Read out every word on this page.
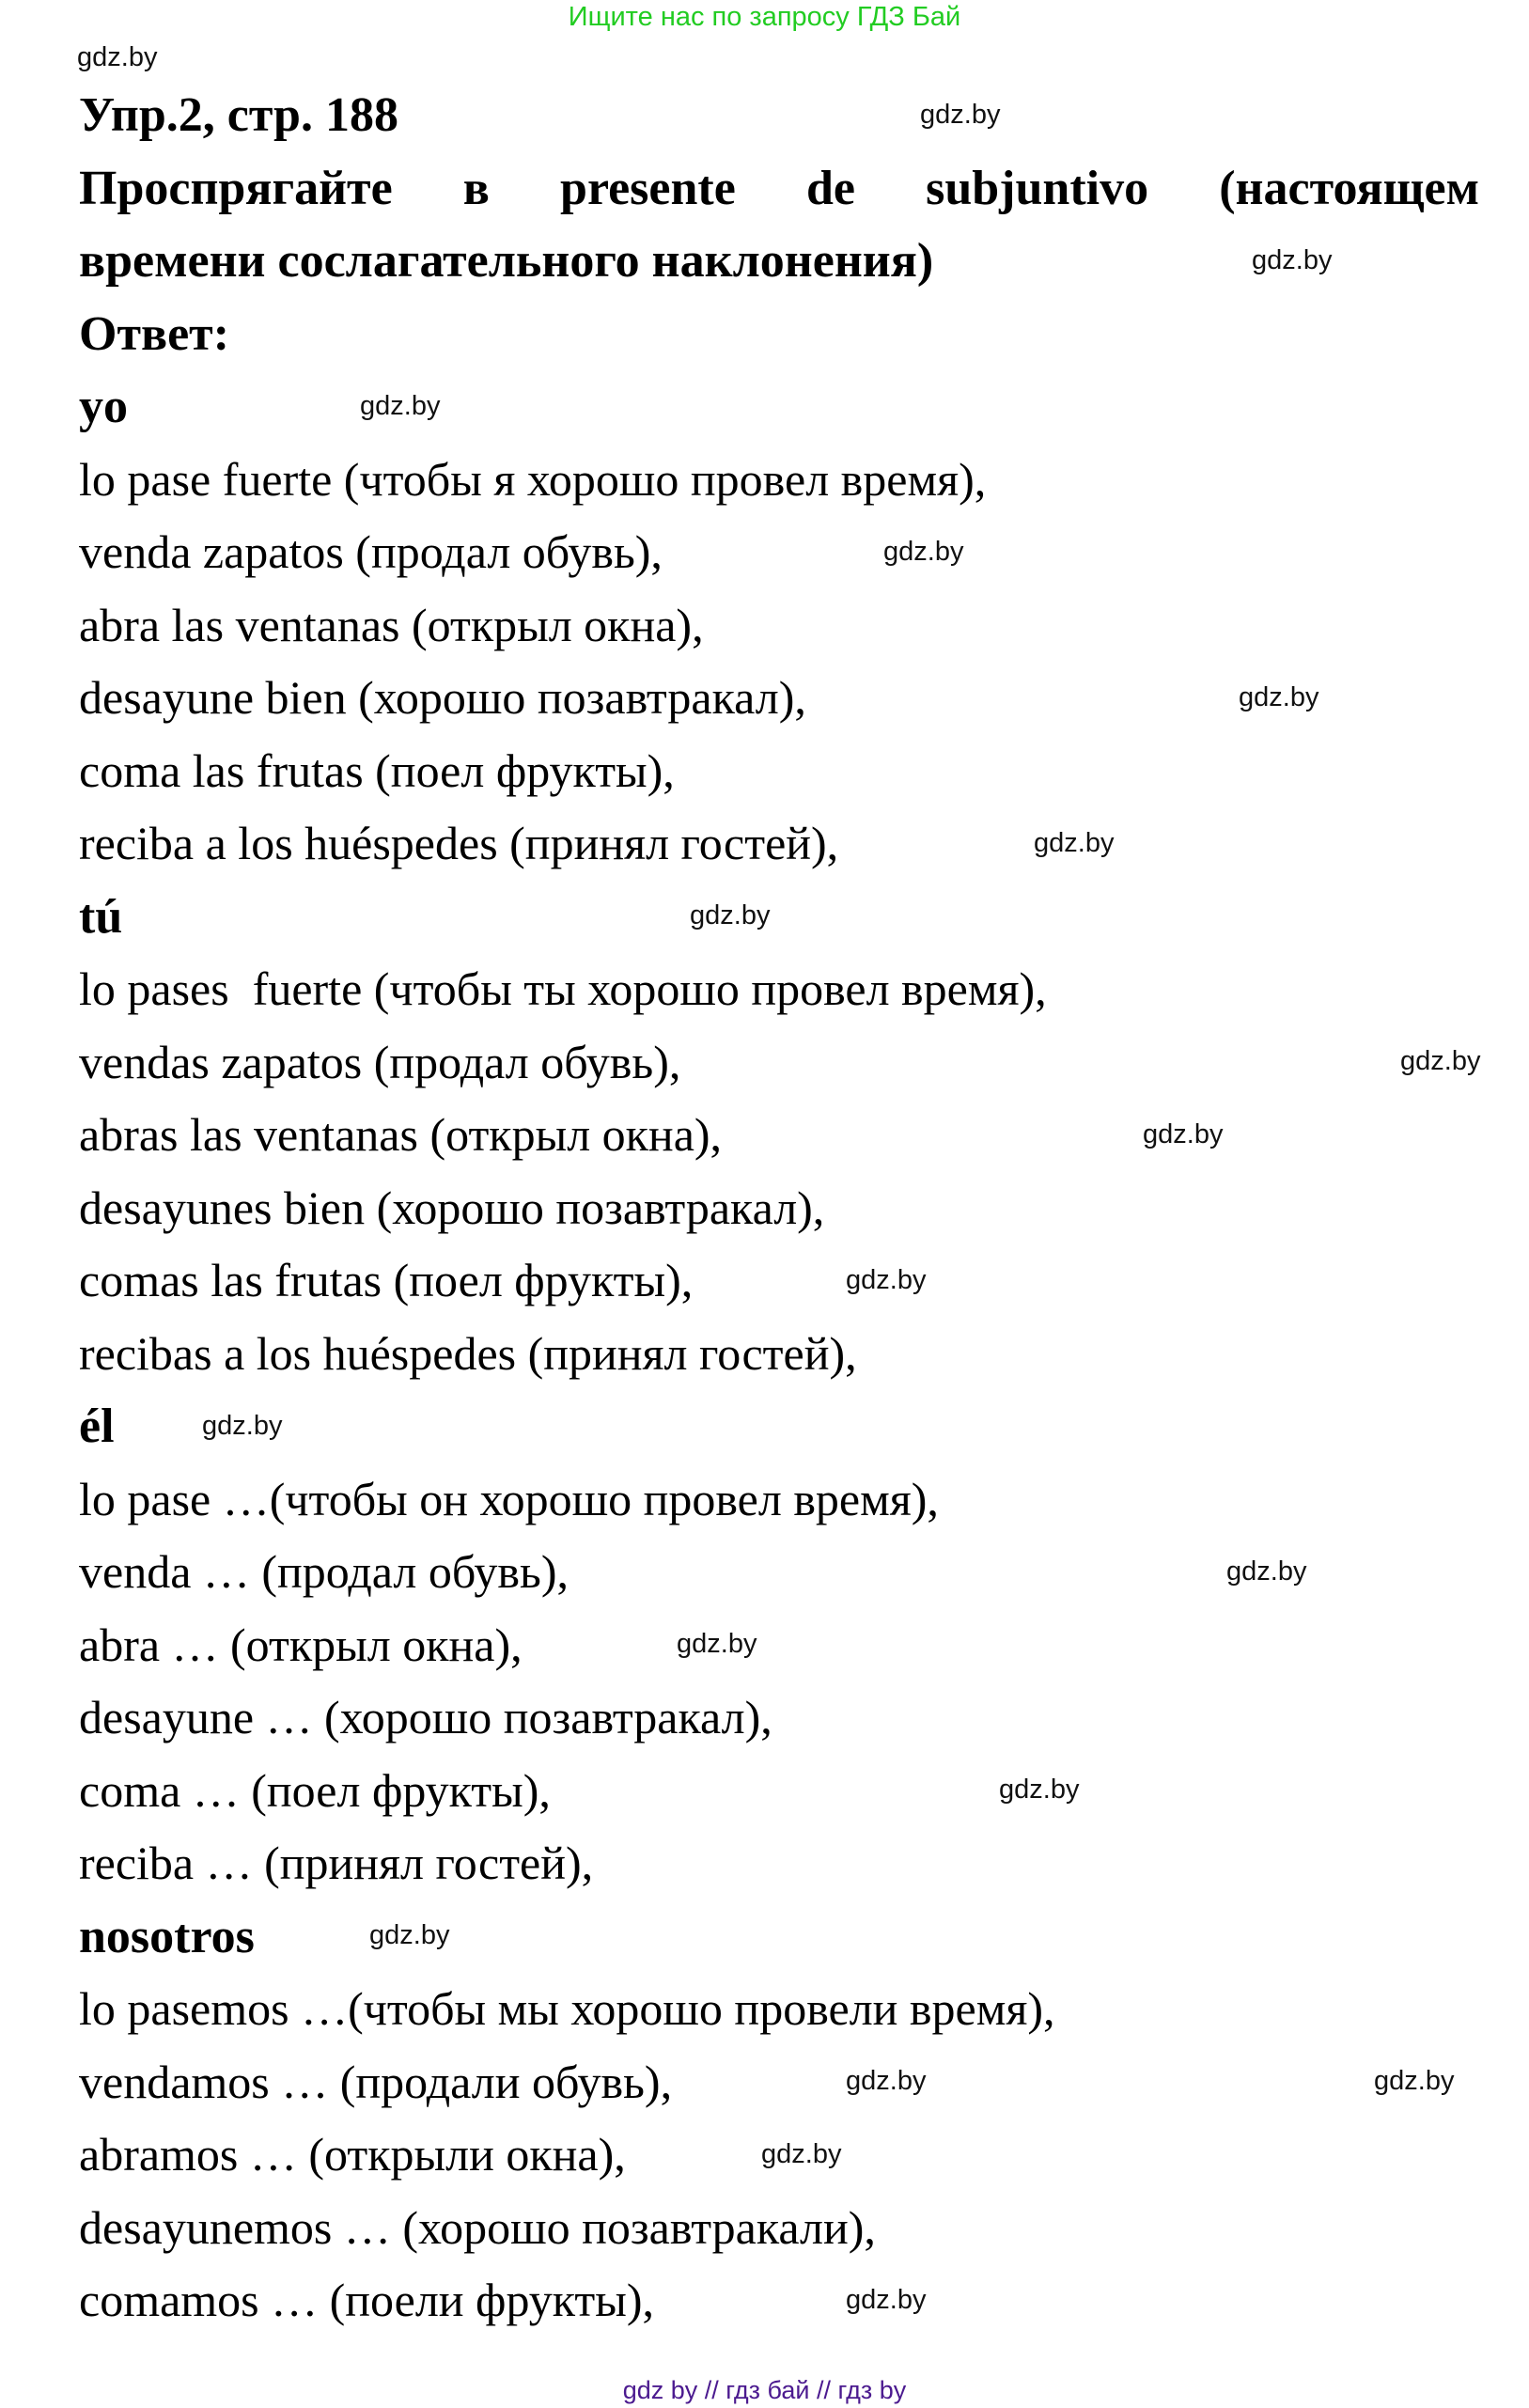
Ищите нас по запросу ГДЗ Бай
Упр.2, стр. 188
Проспрягайте в presente de subjuntivo (настоящем
времени сослагательного наклонения)
Ответ:
yo
lo pase fuerte (чтобы я хорошо провел время),
venda zapatos (продал обувь),
abra las ventanas (открыл окна),
desayune bien (хорошо позавтракал),
coma las frutas (поел фрукты),
reciba a los huéspedes (принял гостей),
tú
lo pases  fuerte (чтобы ты хорошо провел время),
vendas zapatos (продал обувь),
abras las ventanas (открыл окна),
desayunes bien (хорошо позавтракал),
comas las frutas (поел фрукты),
recibas a los huéspedes (принял гостей),
él
lo pase …(чтобы он хорошо провел время),
venda … (продал обувь),
abra … (открыл окна),
desayune … (хорошо позавтракал),
coma … (поел фрукты),
reciba … (принял гостей),
nosotros
lo pasemos …(чтобы мы хорошо провели время),
vendamos … (продали обувь),
abramos … (открыли окна),
desayunemos … (хорошо позавтракали),
comamos … (поели фрукты),
gdz.by
gdz.by
gdz.by
gdz.by
gdz.by
gdz.by
gdz.by
gdz.by
gdz.by
gdz.by
gdz.by
gdz.by
gdz.by
gdz.by
gdz.by
gdz.by
gdz.by	gdz.by
gdz.by
gdz.by
gdz by // гдз бай // гдз by
